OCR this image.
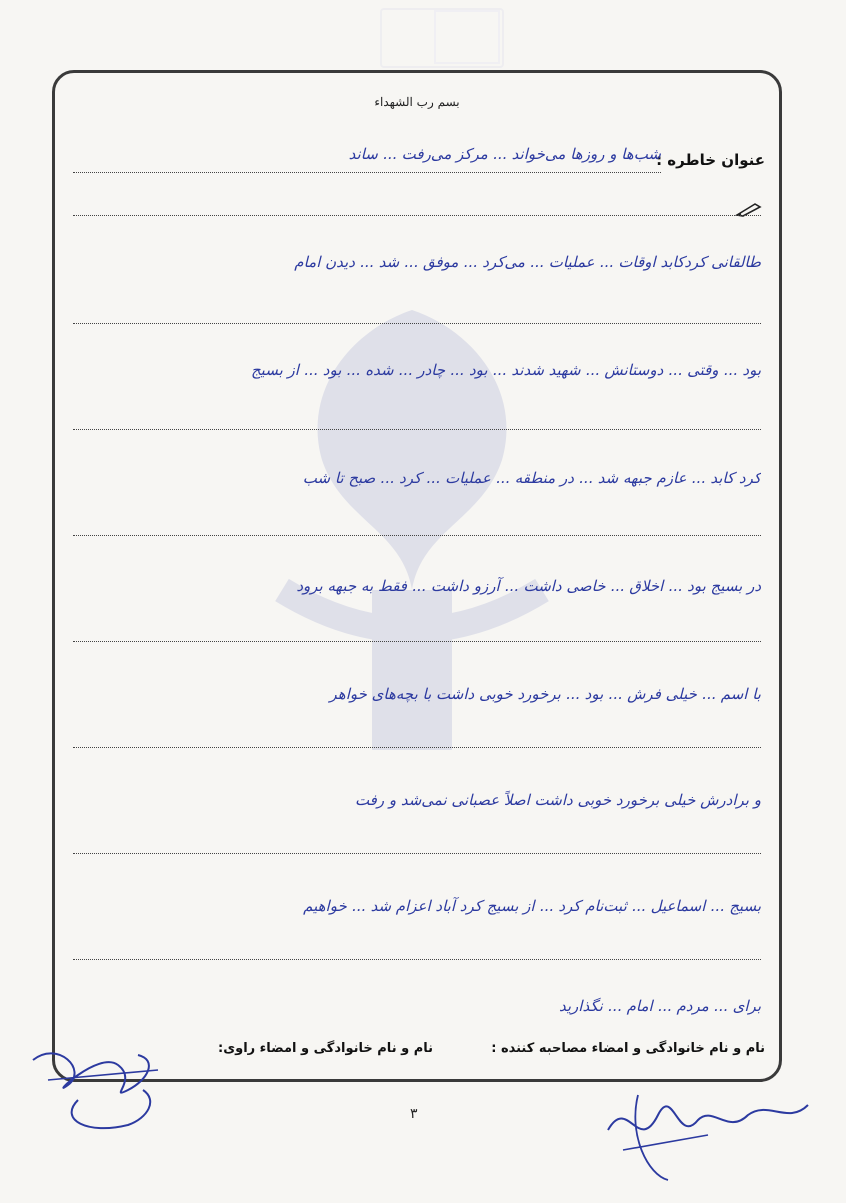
بسم رب الشهداء
عنوان خاطره :
شب‌ها و روز‌ها می‌خواند ... مرکز می‌رفت ... ساند
طالقانی کردکابد اوقات ... عملیات ... می‌کرد ... موفق ... شد ... دیدن امام
بود ... وقتی ... دوستانش ... شهید شدند ... بود ... چادر ... شده ... بود ... از بسیج
کرد کابد ... عازم جبهه شد ... در منطقه ... عملیات ... کرد ... صبح تا شب
در بسیج بود ... اخلاق ... خاصی داشت ... آرزو داشت ... فقط به جبهه برود
با اسم ... خیلی فرش ... بود ... برخورد خوبی داشت با بچه‌های خواهر
و برادرش خیلی برخورد خوبی داشت اصلاً عصبانی نمی‌شد و رفت
بسیج ... اسماعیل ... ثبت‌نام کرد ... از بسیج کرد آباد اعزام شد ... خواهیم
برای ... مردم ... امام ... نگذارید
نام و نام خانوادگی و امضاء مصاحبه کننده :
نام و نام خانوادگی و امضاء راوی:
۳
